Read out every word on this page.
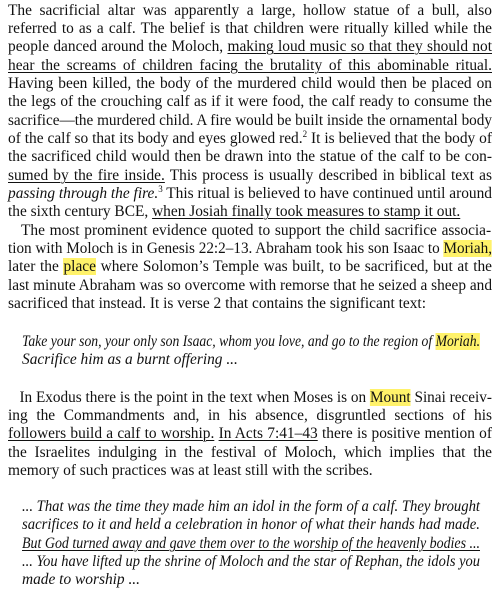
The sacrificial altar was apparently a large, hollow statue of a bull, also
referred to as a calf. The belief is that children were ritually killed while the
people danced around the Moloch, making loud music so that they should not
hear the screams of children facing the brutality of this abominable ritual.
Having been killed, the body of the murdered child would then be placed on
the legs of the crouching calf as if it were food, the calf ready to consume the
sacrifice—the murdered child. A fire would be built inside the ornamental body
of the calf so that its body and eyes glowed red.$^2$ It is believed that the body of
the sacrificed child would then be drawn into the statue of the calf to be con-
sumed by the fire inside. This process is usually described in biblical text as
passing through the fire.$^3$ This ritual is believed to have continued until around
the sixth century BCE, when Josiah finally took measures to stamp it out.
The most prominent evidence quoted to support the child sacrifice associa-
tion with Moloch is in Genesis 22:2–13. Abraham took his son Isaac to Moriah,
later the place where Solomon’s Temple was built, to be sacrificed, but at the
last minute Abraham was so overcome with remorse that he seized a sheep and
sacrificed that instead. It is verse 2 that contains the significant text:
Take your son, your only son Isaac, whom you love, and go to the region of Moriah.
Sacrifice him as a burnt offering ...
In Exodus there is the point in the text when Moses is on Mount Sinai receiv-
ing the Commandments and, in his absence, disgruntled sections of his
followers build a calf to worship. In Acts 7:41–43 there is positive mention of
the Israelites indulging in the festival of Moloch, which implies that the
memory of such practices was at least still with the scribes.
... That was the time they made him an idol in the form of a calf. They brought
sacrifices to it and held a celebration in honor of what their hands had made.
But God turned away and gave them over to the worship of the heavenly bodies ...
... You have lifted up the shrine of Moloch and the star of Rephan, the idols you
made to worship ...
